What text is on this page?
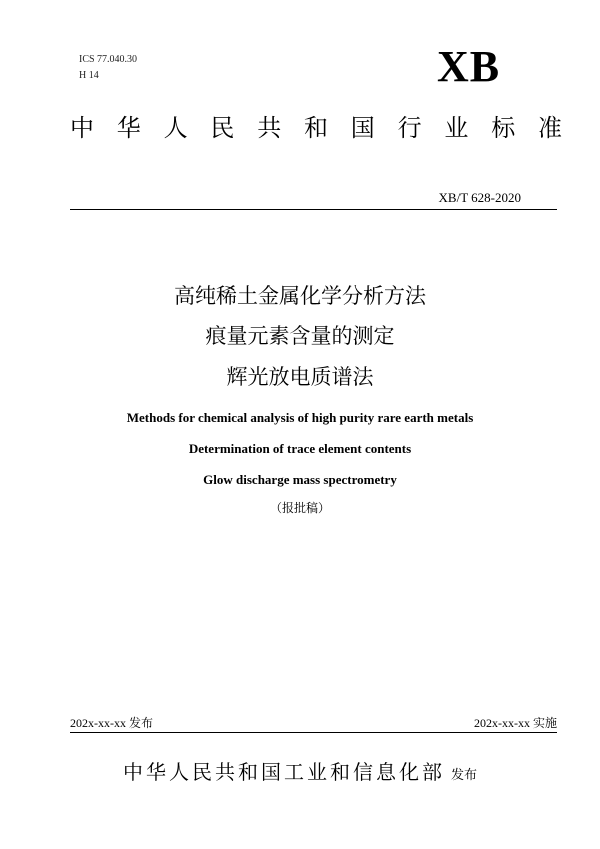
ICS 77.040.30
H 14	XB
中 华 人 民 共 和 国 行 业 标 准
XB/T 628-2020
高纯稀土金属化学分析方法
痕量元素含量的测定
辉光放电质谱法
Methods for chemical analysis of high purity rare earth metals
Determination of trace element contents
Glow discharge mass spectrometry
（报批稿）
202x-xx-xx 发布	202x-xx-xx 实施
中华人民共和国工业和信息化部 发布
